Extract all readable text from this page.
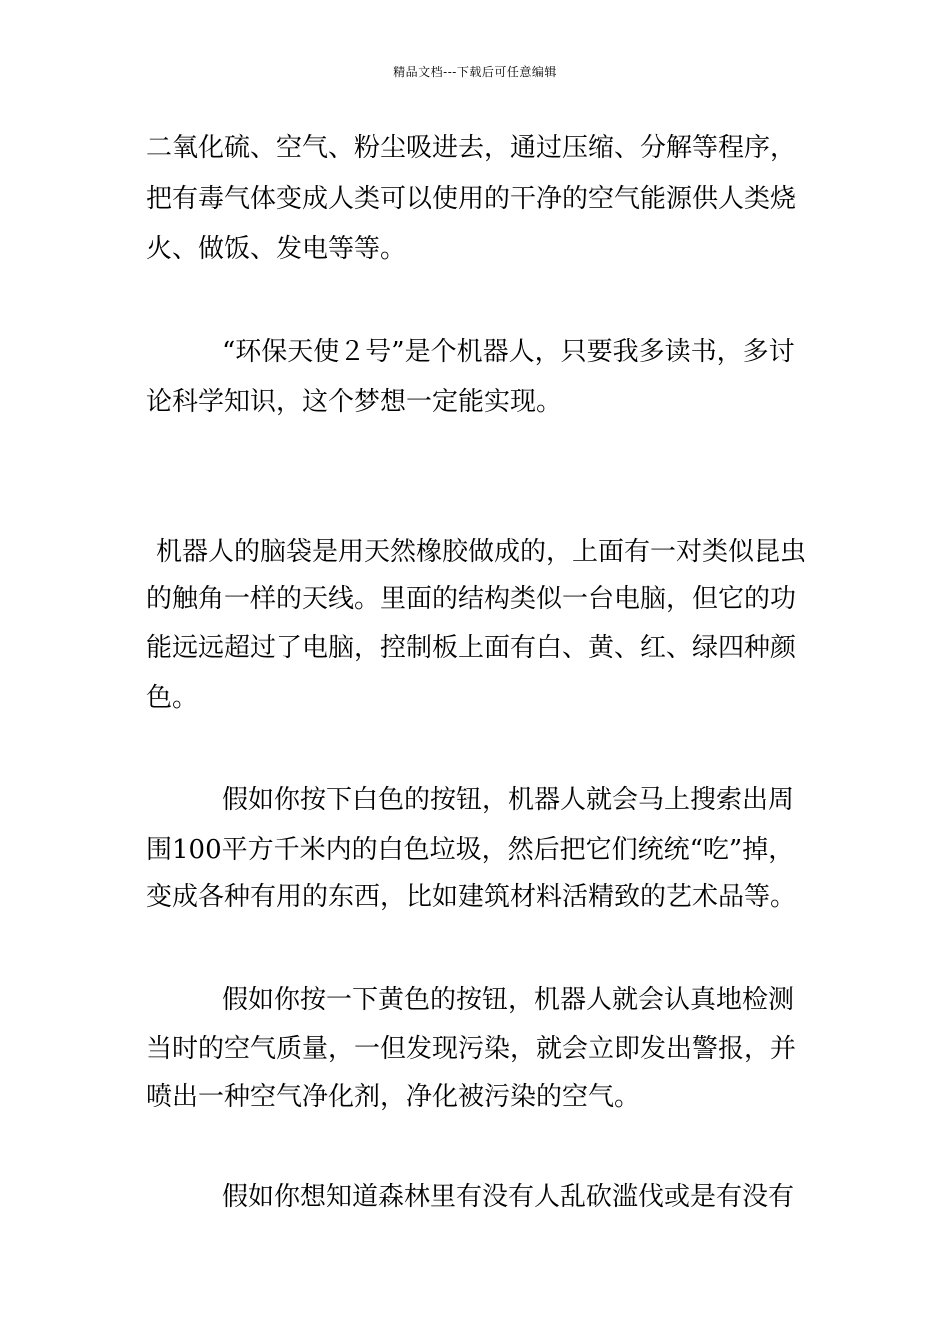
精品文档---下载后可任意编辑

二氧化硫、空气、粉尘吸进去，通过压缩、分解等程序，

把有毒气体变成人类可以使用的干净的空气能源供人类烧

火、做饭、发电等等。

“环保天使２号”是个机器人，只要我多读书，多讨

论科学知识，这个梦想一定能实现。

机器人的脑袋是用天然橡胶做成的，上面有一对类似昆虫

的触角一样的天线。里面的结构类似一台电脑，但它的功

能远远超过了电脑，控制板上面有白、黄、红、绿四种颜

色。

假如你按下白色的按钮，机器人就会马上搜索出周

围100平方千米内的白色垃圾，然后把它们统统“吃”掉，

变成各种有用的东西，比如建筑材料活精致的艺术品等。

假如你按一下黄色的按钮，机器人就会认真地检测

当时的空气质量，一但发现污染，就会立即发出警报，并

喷出一种空气净化剂，净化被污染的空气。

假如你想知道森林里有没有人乱砍滥伐或是有没有
